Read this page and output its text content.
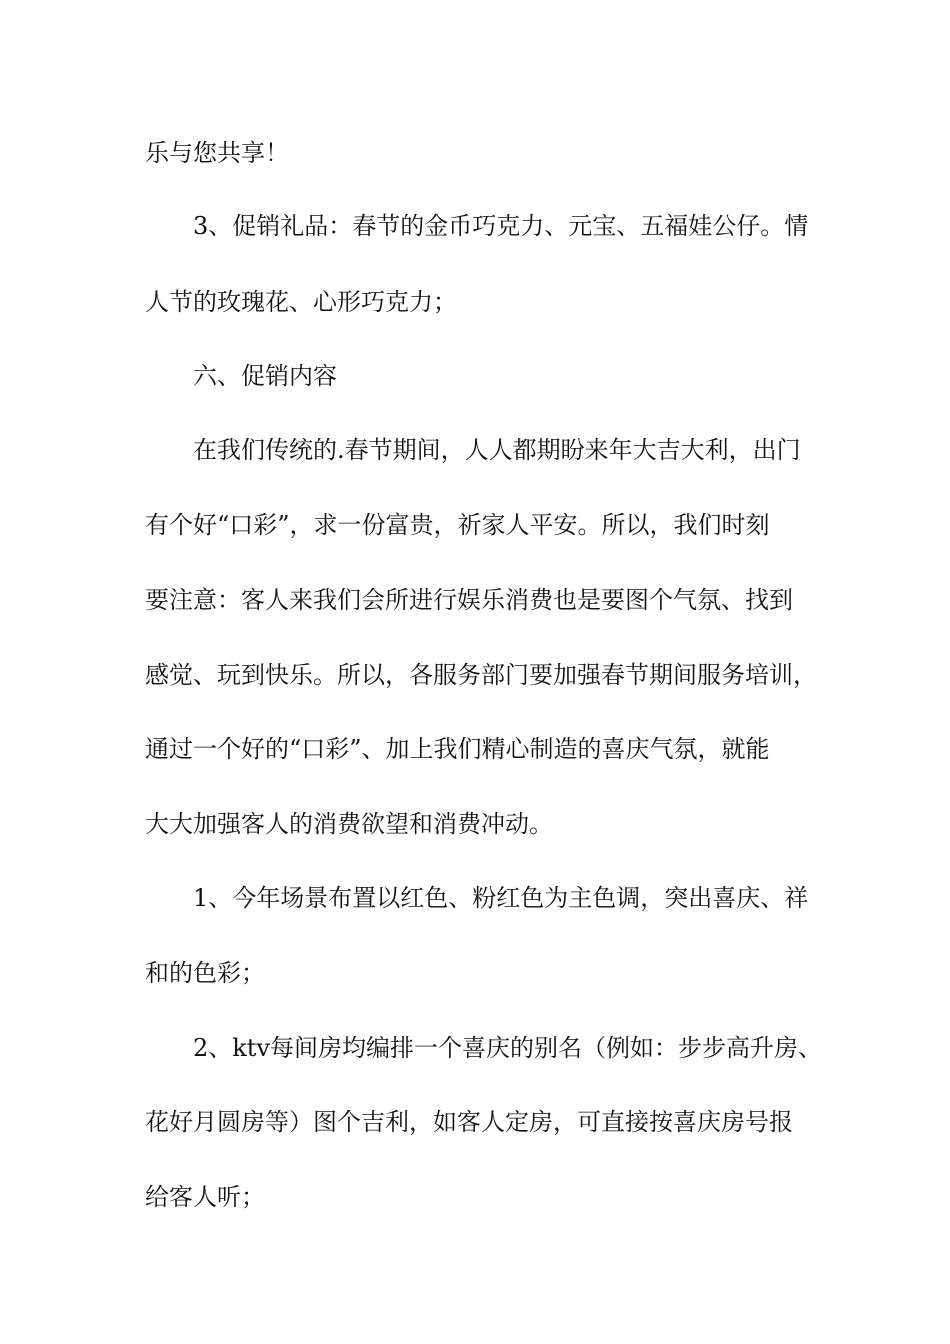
乐与您共享！
3、促销礼品：春节的金币巧克力、元宝、五福娃公仔。情
人节的玫瑰花、心形巧克力；
六、促销内容
在我们传统的.春节期间，人人都期盼来年大吉大利，出门
有个好“口彩”，求一份富贵，祈家人平安。所以，我们时刻
要注意：客人来我们会所进行娱乐消费也是要图个气氛、找到
感觉、玩到快乐。所以，各服务部门要加强春节期间服务培训，
通过一个好的“口彩”、加上我们精心制造的喜庆气氛，就能
大大加强客人的消费欲望和消费冲动。
1、今年场景布置以红色、粉红色为主色调，突出喜庆、祥
和的色彩；
2、ktv每间房均编排一个喜庆的别名（例如：步步高升房、
花好月圆房等）图个吉利，如客人定房，可直接按喜庆房号报
给客人听；
